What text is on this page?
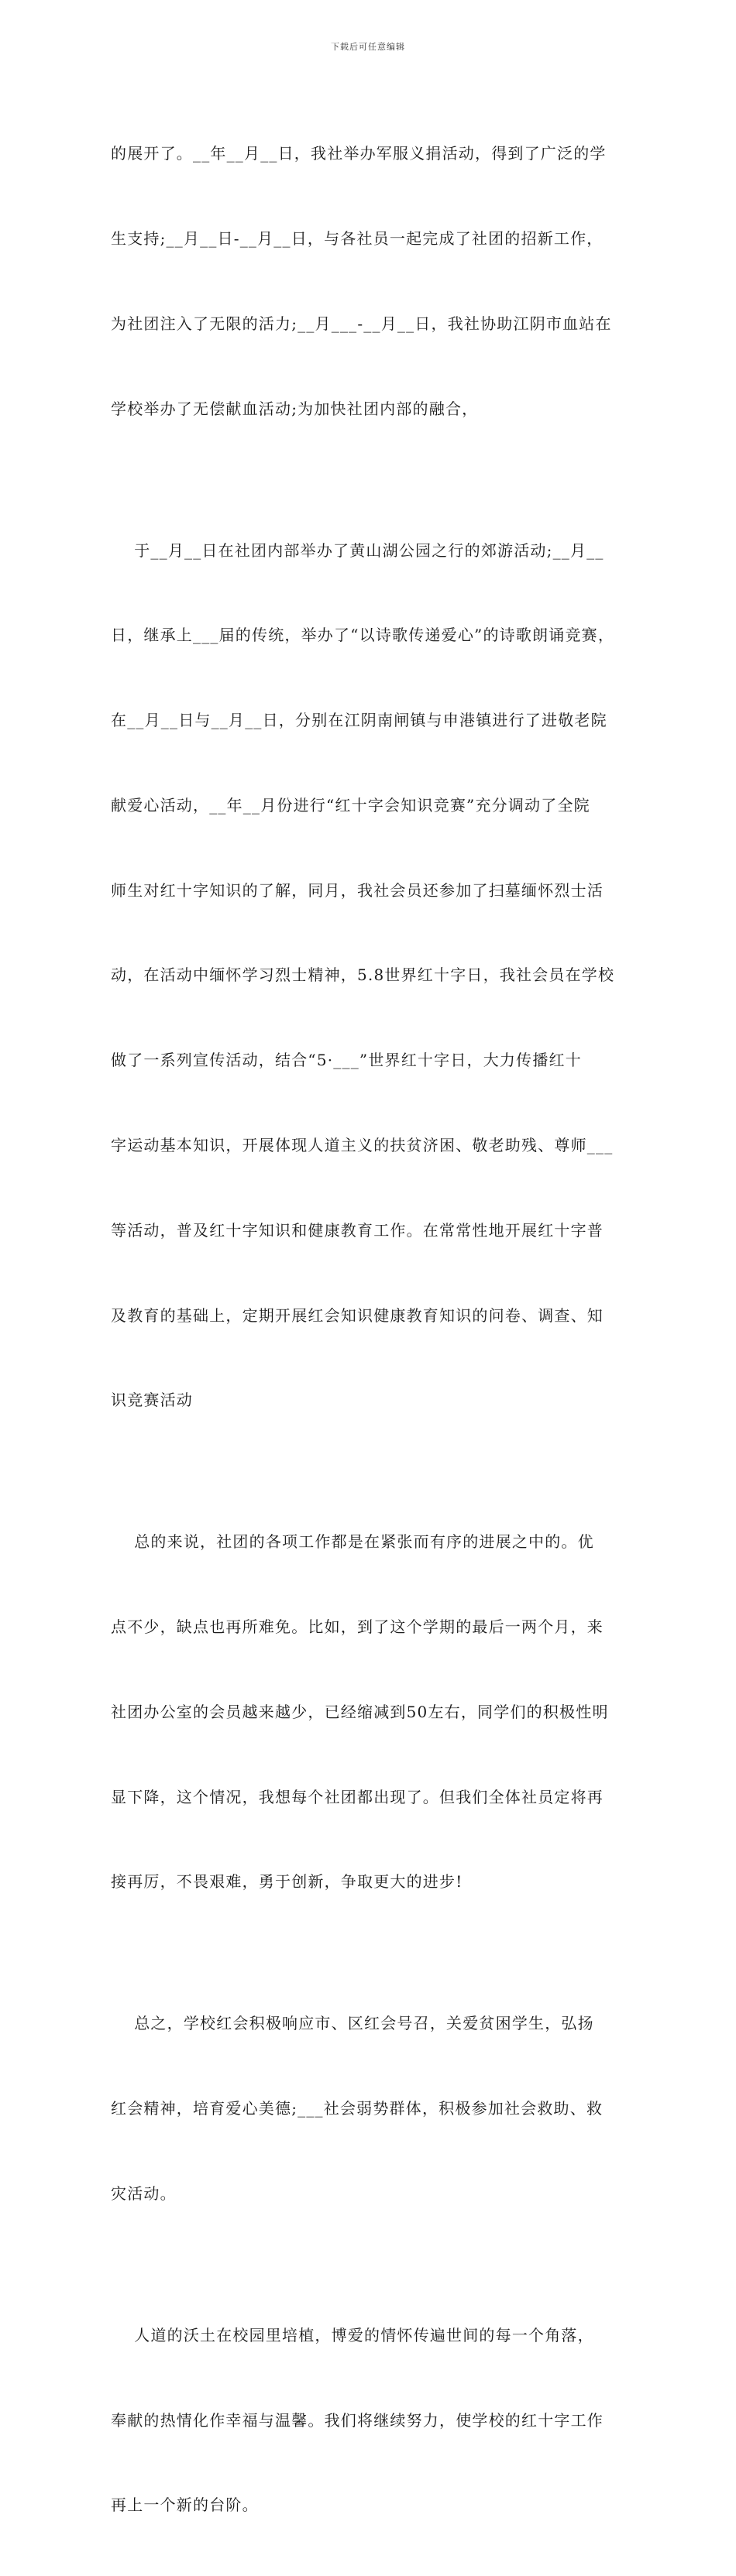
下载后可任意编辑

的展开了。__年__月__日，我社举办军服义捐活动，得到了广泛的学

生支持;__月__日-__月__日，与各社员一起完成了社团的招新工作，

为社团注入了无限的活力;__月___-__月__日，我社协助江阴市血站在

学校举办了无偿献血活动;为加快社团内部的融合，

于__月__日在社团内部举办了黄山湖公园之行的郊游活动;__月__

日，继承上___届的传统，举办了“以诗歌传递爱心”的诗歌朗诵竞赛，

在__月__日与__月__日，分别在江阴南闸镇与申港镇进行了进敬老院

献爱心活动，__年__月份进行“红十字会知识竞赛”充分调动了全院

师生对红十字知识的了解，同月，我社会员还参加了扫墓缅怀烈士活

动，在活动中缅怀学习烈士精神，5.8世界红十字日，我社会员在学校

做了一系列宣传活动，结合“5·___”世界红十字日，大力传播红十

字运动基本知识，开展体现人道主义的扶贫济困、敬老助残、尊师___

等活动，普及红十字知识和健康教育工作。在常常性地开展红十字普

及教育的基础上，定期开展红会知识健康教育知识的问卷、调查、知

识竞赛活动

总的来说，社团的各项工作都是在紧张而有序的进展之中的。优

点不少，缺点也再所难免。比如，到了这个学期的最后一两个月，来

社团办公室的会员越来越少，已经缩减到50左右，同学们的积极性明

显下降，这个情况，我想每个社团都出现了。但我们全体社员定将再

接再厉，不畏艰难，勇于创新，争取更大的进步!

总之，学校红会积极响应市、区红会号召，关爱贫困学生，弘扬

红会精神，培育爱心美德;___社会弱势群体，积极参加社会救助、救

灾活动。

人道的沃土在校园里培植，博爱的情怀传遍世间的每一个角落，

奉献的热情化作幸福与温馨。我们将继续努力，使学校的红十字工作

再上一个新的台阶。
